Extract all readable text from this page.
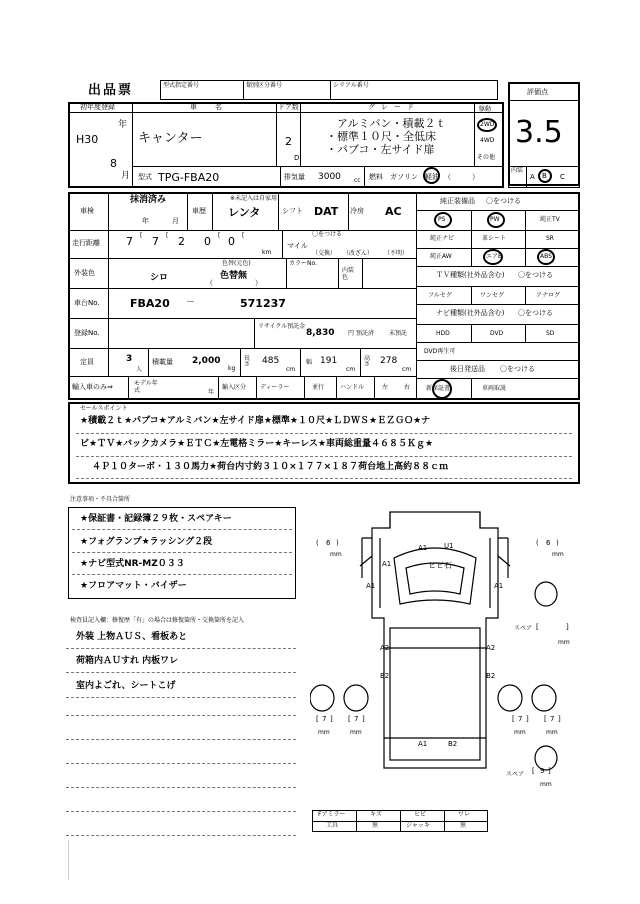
出品票	型式指定番号	類別区分番号	シリアル番号
評価点
3.5
初年度登録
H30
年
8
月
車名
キャンター
ドア数
2
D
グレード
アルミバン・積載２ｔ
・標準１０尺・全低床
・パブコ・左サイド扉
駆動
2WD
4WD
その他
型式 TPG-FBA20	排気量 3000 cc 燃料 ガソリン 軽油 （　　　）
内装
A B C
車検
抹消済み
年	月
車歴
※未記入は自家用
レンタ	シフト DAT 冷房 AC
走行距離 7 7 2 0 0
[	[	[	[
km
〇をつける
マイル
（交換） （改ざん） （不明）
外装色
色替(元色)
シロ	色替無
（　　　　　　）
カラーNo.
内装色
車台No.	FBA20 －	571237
登録No.
リサイクル預託金
8,830 円 預託済 未預託
定員	3
人
積載量 2,000
kg
長さ	485
cm
幅 191
cm
高さ	278
cm
輸入車のみ⇒	モデル年式	年
輸入区分 ディーラー	並行	ハンドル	左	右
純正装備品 〇をつける
PS	PW	純正TV
純正ナビ	革シート	SR
純正AW	エアB	ABS
ＴＶ種類(社外品含む) 〇をつける
フルセグ	ワンセグ	アナログ
ナビ種類(社外品含む) 〇をつける
HDD	DVD	SD
DVD再生可
後日発送品 〇をつける
新保証書	車両取説
セールスポイント
★積載２ｔ★パブコ★アルミバン★左サイド扉★標準★１０尺★ＬＤＷＳ★ＥＺＧＯ★ナ
ビ★ＴＶ★バックカメラ★ＥＴＣ★左電格ミラー★キーレス★車両総重量４６８５Ｋｇ★
４Ｐ１０ターボ・１３０馬力★荷台内寸約３１０×１７７×１８７荷台地上高約８８ｃｍ
注意事項・不具合箇所
★保証書・記録簿２９枚・スペアキー
★フォグランプ★ラッシング２段
★ナビ型式NR-MZ０３３
★フロアマット・バイザー
検査員記入欄：修復歴「有」の場合は修復箇所・交換箇所を記入
外装 上物ＡＵＳ、看板あと
荷箱内ＡＵすれ 内板ワレ
室内よごれ、シートこげ
A1 U1
ヒビ石
A1
A1	A1
A2	A2
B2	B2
A1	B2
( 6 )
mm
( 6 )
mm
スペア [	]
mm
[ 7 ]
mm
[ 7 ]
mm
[ 7 ]
mm
[ 7 ]
mm
スペア [ 9 ]
mm
Fアミラー	キズ	ヒビ	ワレ
工具	無	ジャッキ	無
